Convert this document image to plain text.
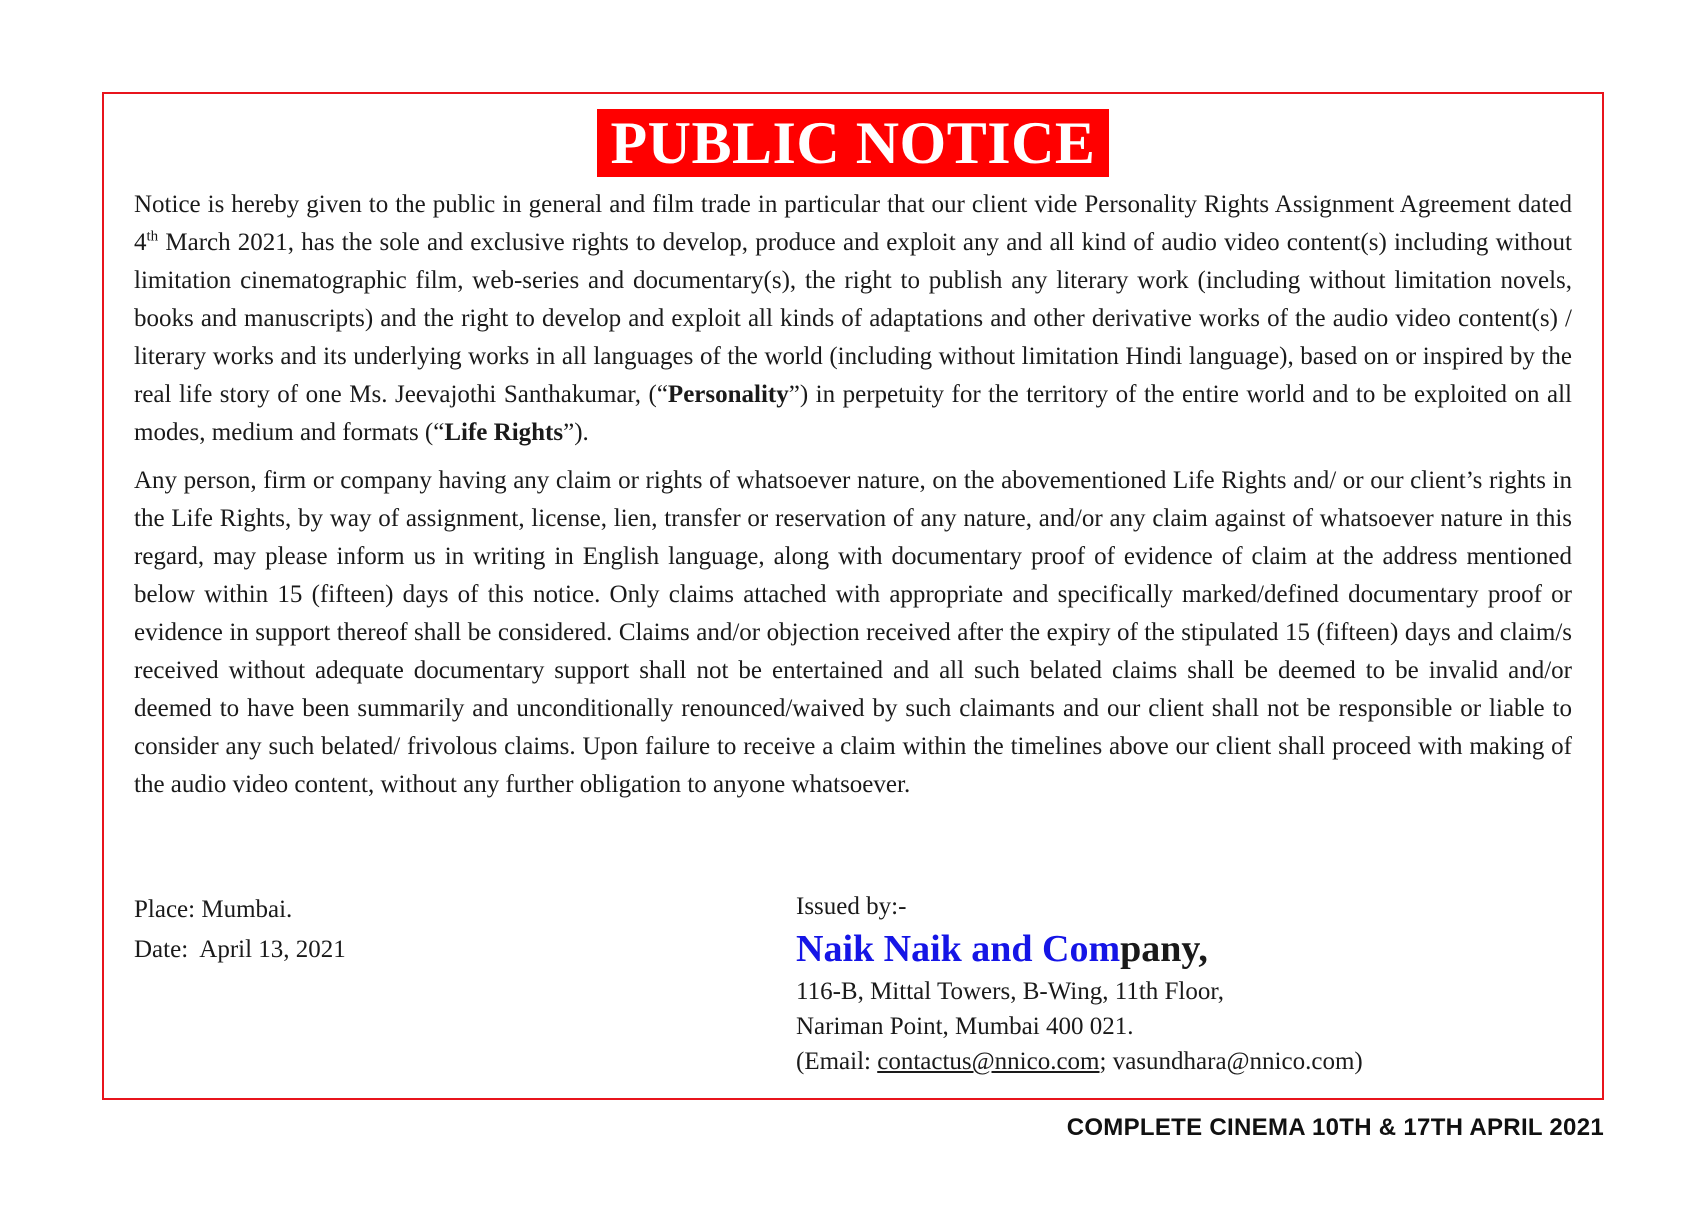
PUBLIC NOTICE

Notice is hereby given to the public in general and film trade in particular that our client vide Personality Rights Assignment Agreement dated 4th March 2021, has the sole and exclusive rights to develop, produce and exploit any and all kind of audio video content(s) including without limitation cinematographic film, web-series and documentary(s), the right to publish any literary work (including without limitation novels, books and manuscripts) and the right to develop and exploit all kinds of adaptations and other derivative works of the audio video content(s) / literary works and its underlying works in all languages of the world (including without limitation Hindi language), based on or inspired by the real life story of one Ms. Jeevajothi Santhakumar, (“Personality”) in perpetuity for the territory of the entire world and to be exploited on all modes, medium and formats (“Life Rights”).

Any person, firm or company having any claim or rights of whatsoever nature, on the abovementioned Life Rights and/ or our client’s rights in the Life Rights, by way of assignment, license, lien, transfer or reservation of any nature, and/or any claim against of whatsoever nature in this regard, may please inform us in writing in English language, along with documentary proof of evidence of claim at the address mentioned below within 15 (fifteen) days of this notice. Only claims attached with appropriate and specifically marked/defined documentary proof or evidence in support thereof shall be considered. Claims and/or objection received after the expiry of the stipulated 15 (fifteen) days and claim/s received without adequate documentary support shall not be entertained and all such belated claims shall be deemed to be invalid and/or deemed to have been summarily and unconditionally renounced/waived by such claimants and our client shall not be responsible or liable to consider any such belated/ frivolous claims. Upon failure to receive a claim within the timelines above our client shall proceed with making of the audio video content, without any further obligation to anyone whatsoever.

Place: Mumbai.
Date:  April 13, 2021
Issued by:-
Naik Naik and Company,
116-B, Mittal Towers, B-Wing, 11th Floor,
Nariman Point, Mumbai 400 021.
(Email: contactus@nnico.com; vasundhara@nnico.com)
COMPLETE CINEMA 10TH & 17TH APRIL 2021
